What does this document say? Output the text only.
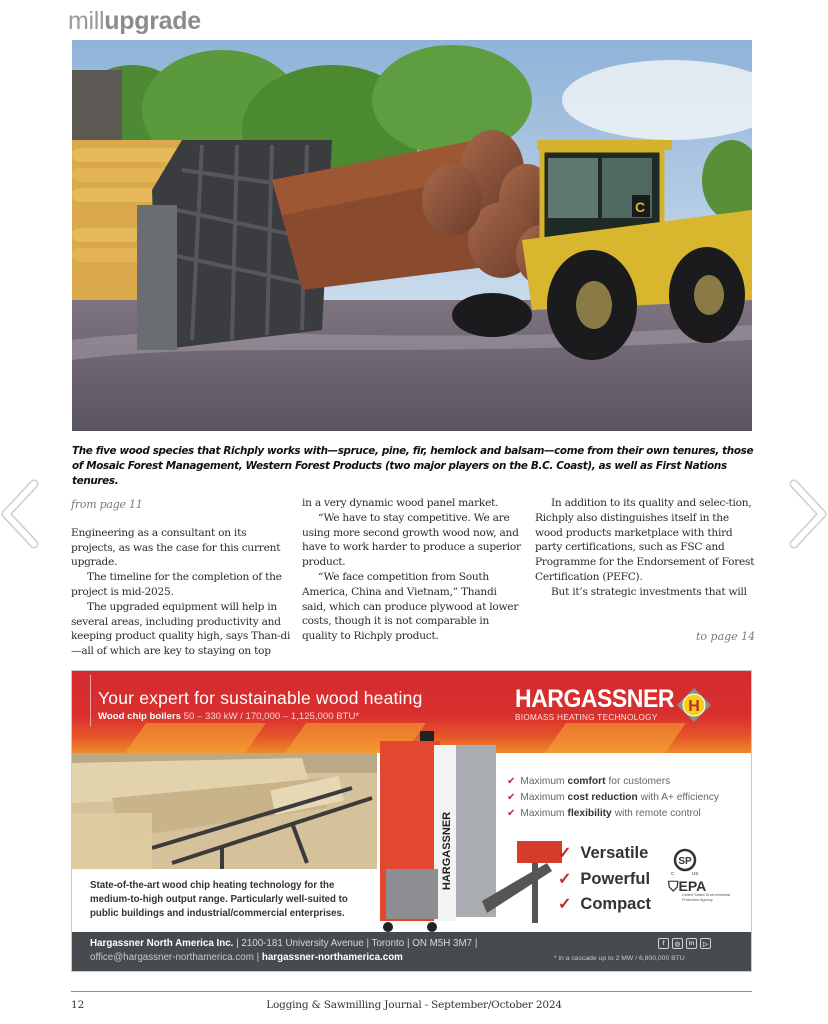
millupgrade
C
The five wood species that Richply works with—spruce, pine, fir, hemlock and balsam—come from their own tenures, those of Mosaic Forest Management, Western Forest Products (two major players on the B.C. Coast), as well as First Nations tenures.
from page 11

Engineering as a consultant on its projects, as was the case for this current upgrade.

The timeline for the completion of the project is mid-2025.

The upgraded equipment will help in several areas, including productivity and keeping product quality high, says Than-di—all of which are key to staying on top

in a very dynamic wood panel market.

“We have to stay competitive. We are using more second growth wood now, and have to work harder to produce a superior product.

“We face competition from South America, China and Vietnam,” Thandi said, which can produce plywood at lower costs, though it is not comparable in quality to Richply product.

In addition to its quality and selec-tion, Richply also distinguishes itself in the wood products marketplace with third party certifications, such as FSC and Programme for the Endorsement of Forest Certification (PEFC).

But it’s strategic investments that will

to page 14
Your expert for sustainable wood heating
Wood chip boilers 50 – 330 kW / 170,000 – 1,125,000 BTU*
HARGASSNER
BIOMASS HEATING TECHNOLOGY
H
State-of-the-art wood chip heating technology for the
medium-to-high output range. Particularly well-suited to
public buildings and industrial/commercial enterprises.
HARGASSNER
✔ Maximum comfort for customers
✔ Maximum cost reduction with A+ efficiency
✔ Maximum flexibility with remote control
✓ Versatile
✓ Powerful
✓ Compact
SP
C	US
⛉EPA
United States Environmental Protection Agency
Hargassner North America Inc. | 2100-181 University Avenue | Toronto | ON M5H 3M7 |
office@hargassner-northamerica.com | hargassner-northamerica.com
f	◎	in	▷
* in a cascade up to 2 MW / 6,800,000 BTU
12	Logging & Sawmilling Journal - September/October 2024
